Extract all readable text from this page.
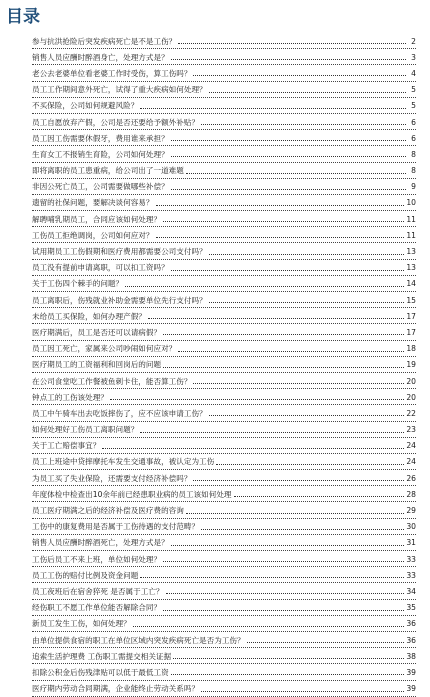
目录
参与抗洪抢险后突发疾病死亡是不是工伤？	2
销售人员应酬时醉酒身亡，处理方式是？	3
老公去老婆单位看老婆工作时受伤，算工伤吗？	4
员工工作期间意外死亡，试得了重大疾病如何处理？	5
不买保险，公司如何规避风险？	5
员工自愿放弃产假，公司是否还要给予额外补贴？	6
员工因工伤需要休假牙，费用谁来承担？	6
生育女工不报销生育险，公司如何处理？	8
即将离职的员工患重病，给公司出了一道难题	8
非因公死亡员工，公司需要做哪些补偿？	9
遗留的社保问题，要解决谈何容易？	10
解聘哺乳期员工，合同应该如何处理？	11
工伤员工拒绝调岗，公司如何应对？	11
试用期员工工伤假期和医疗费用都需要公司支付吗？	13
员工没有提前申请离职，可以扣工资吗？	13
关于工伤四个棘手的问题？	14
员工离职后，伤残就业补助金需要单位先行支付吗？	15
未给员工买保险，如何办理产假？	17
医疗期满后，员工是否还可以请病假？	17
员工因工死亡，家属来公司吵闹如何应对？	18
医疗期员工的工资福利和回岗后的问题	19
在公司食堂吃工作餐被鱼刺卡住，能否算工伤？	20
钟点工的工伤该处理？	20
员工中午骑车出去吃饭摔伤了，应不应该申请工伤？	22
如何处理好工伤员工离职问题？	23
关于工亡赔偿事宜？	24
员工上班途中贷摔摩托车发生交通事故，被认定为工伤	24
为员工买了失业保险，还需要支付经济补偿吗？	26
年度体检中检查出10余年前已经患职业病的员工该如何处理	28
员工医疗期满之后的经济补偿及医疗费的咨询	29
工伤中的康复费用是否属于工伤待遇的支付范畴？	30
销售人员应酬时醉酒死亡，处理方式是？	31
工伤后员工不来上班，单位如何处理？	33
员工工伤的赔付比例及资金问题	33
员工夜班后在宿舍猝死 是否属于工亡？	34
经伤职工不愿工作单位能否解除合同？	35
新员工发生工伤，如何处理？	36
由单位提供食宿的职工在单位区域内突发疾病死亡是否为工伤？	36
追索生活护理费 工伤职工需提交相关证据	38
扣除公积金后伤残津贴可以低于最低工资	39
医疗期内劳动合同期满，企业能终止劳动关系吗？	39
